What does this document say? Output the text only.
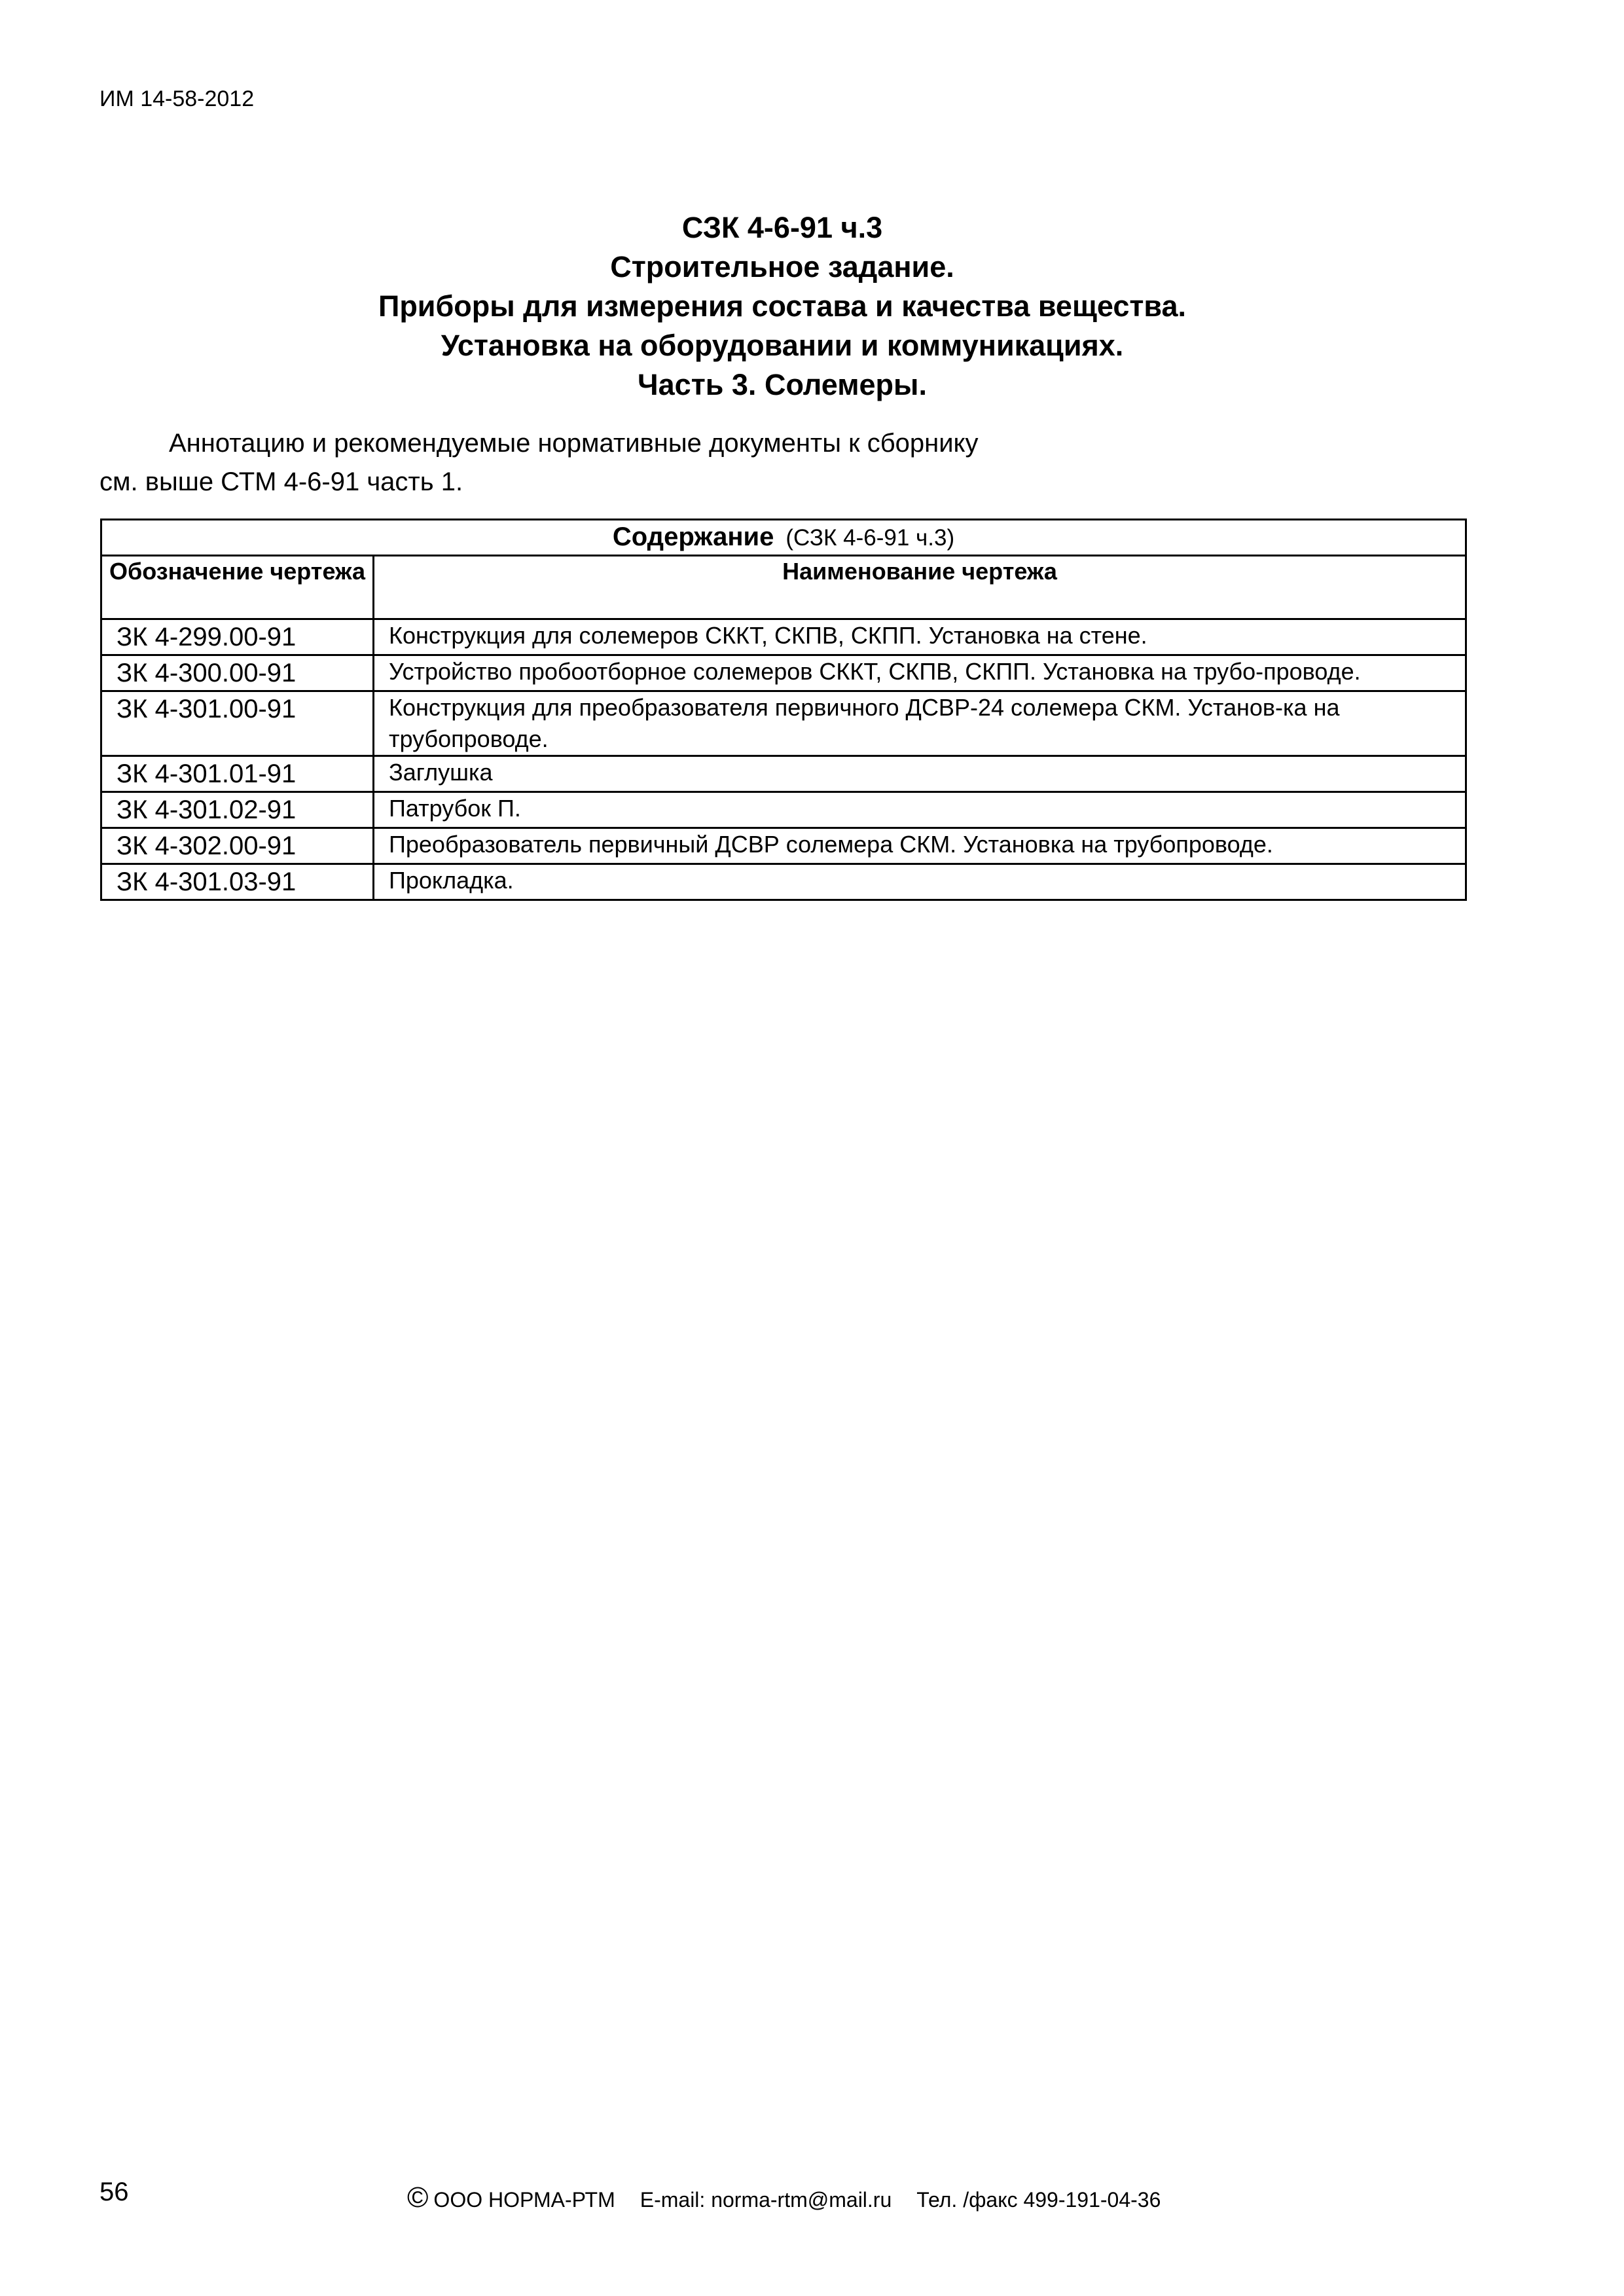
ИМ 14-58-2012
СЗК 4-6-91 ч.3
Строительное задание.
Приборы для измерения состава и качества вещества.
Установка на оборудовании и коммуникациях.
Часть 3. Солемеры.
Аннотацию и рекомендуемые нормативные документы к сборнику
см. выше СТМ 4-6-91 часть 1.
Содержание (СЗК 4-6-91 ч.3)	
Обозначение чертежа	Наименование чертежа
ЗК 4-299.00-91	Конструкция для солемеров СККТ, СКПВ, СКПП. Установка на стене.
ЗК 4-300.00-91	Устройство пробоотборное солемеров СККТ, СКПВ, СКПП. Установка на трубо-проводе.
ЗК 4-301.00-91	Конструкция для преобразователя первичного ДСВР-24 солемера СКМ. Установ-ка на трубопроводе.
ЗК 4-301.01-91	Заглушка
ЗК 4-301.02-91	Патрубок П.
ЗК 4-302.00-91	Преобразователь первичный ДСВР солемера СКМ. Установка на трубопроводе.
ЗК 4-301.03-91	Прокладка.
56	© ООО НОРМА-РТМ E-mail: norma-rtm@mail.ru Тел. /факс 499-191-04-36
